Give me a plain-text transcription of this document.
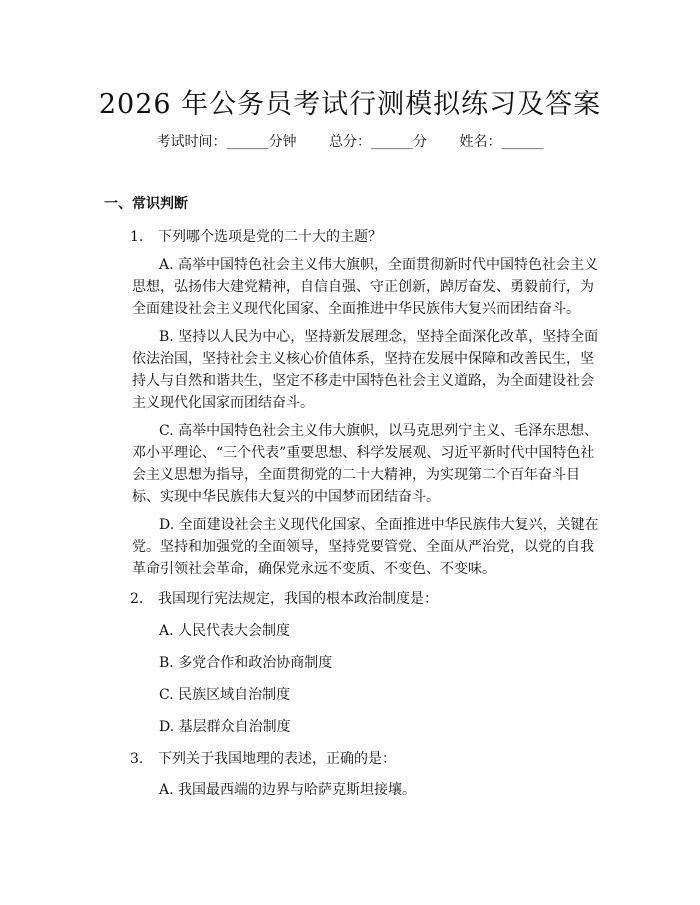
2026 年公务员考试行测模拟练习及答案
考试时间：______分钟 总分：______分 姓名：______
一、常识判断
1. 下列哪个选项是党的二十大的主题？
A. 高举中国特色社会主义伟大旗帜，全面贯彻新时代中国特色社会主义思想，弘扬伟大建党精神，自信自强、守正创新，踔厉奋发、勇毅前行，为全面建设社会主义现代化国家、全面推进中华民族伟大复兴而团结奋斗。
B. 坚持以人民为中心，坚持新发展理念，坚持全面深化改革，坚持全面依法治国，坚持社会主义核心价值体系，坚持在发展中保障和改善民生，坚持人与自然和谐共生，坚定不移走中国特色社会主义道路，为全面建设社会主义现代化国家而团结奋斗。
C. 高举中国特色社会主义伟大旗帜，以马克思列宁主义、毛泽东思想、邓小平理论、“三个代表”重要思想、科学发展观、习近平新时代中国特色社会主义思想为指导，全面贯彻党的二十大精神，为实现第二个百年奋斗目标、实现中华民族伟大复兴的中国梦而团结奋斗。
D. 全面建设社会主义现代化国家、全面推进中华民族伟大复兴，关键在党。坚持和加强党的全面领导，坚持党要管党、全面从严治党，以党的自我革命引领社会革命，确保党永远不变质、不变色、不变味。
2. 我国现行宪法规定，我国的根本政治制度是：
A. 人民代表大会制度
B. 多党合作和政治协商制度
C. 民族区域自治制度
D. 基层群众自治制度
3. 下列关于我国地理的表述，正确的是：
A. 我国最西端的边界与哈萨克斯坦接壤。
